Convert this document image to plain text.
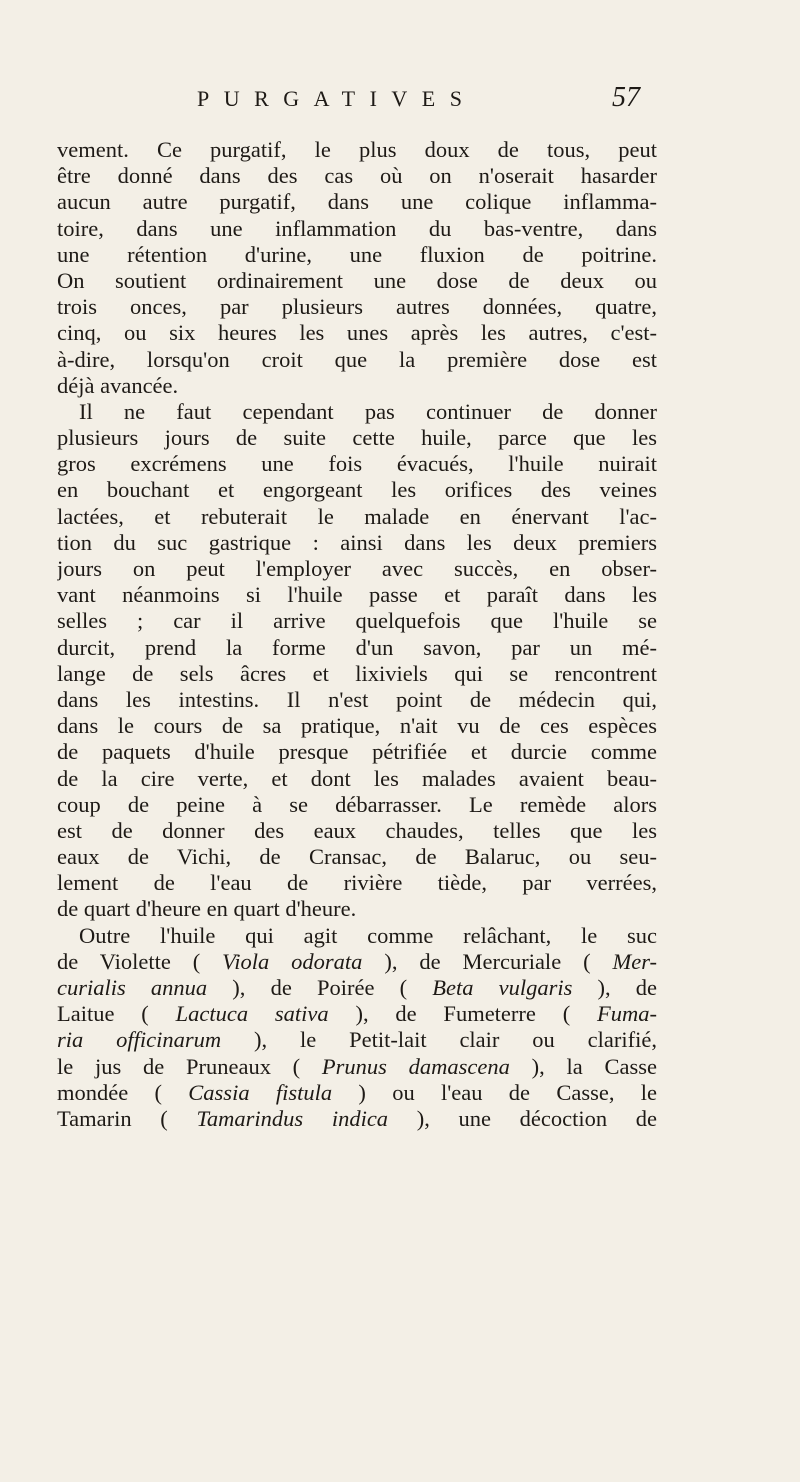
PURGATIVES	57
vement. Ce purgatif, le plus doux de tous, peut
être donné dans des cas où on n'oserait hasarder
aucun autre purgatif, dans une colique inflamma-
toire, dans une inflammation du bas-ventre, dans
une rétention d'urine, une fluxion de poitrine.
On soutient ordinairement une dose de deux ou
trois onces, par plusieurs autres données, quatre,
cinq, ou six heures les unes après les autres, c'est-
à-dire, lorsqu'on croit que la première dose est
déjà avancée.
Il ne faut cependant pas continuer de donner
plusieurs jours de suite cette huile, parce que les
gros excrémens une fois évacués, l'huile nuirait
en bouchant et engorgeant les orifices des veines
lactées, et rebuterait le malade en énervant l'ac-
tion du suc gastrique : ainsi dans les deux premiers
jours on peut l'employer avec succès, en obser-
vant néanmoins si l'huile passe et paraît dans les
selles ; car il arrive quelquefois que l'huile se
durcit, prend la forme d'un savon, par un mé-
lange de sels âcres et lixiviels qui se rencontrent
dans les intestins. Il n'est point de médecin qui,
dans le cours de sa pratique, n'ait vu de ces espèces
de paquets d'huile presque pétrifiée et durcie comme
de la cire verte, et dont les malades avaient beau-
coup de peine à se débarrasser. Le remède alors
est de donner des eaux chaudes, telles que les
eaux de Vichi, de Cransac, de Balaruc, ou seu-
lement de l'eau de rivière tiède, par verrées,
de quart d'heure en quart d'heure.
Outre l'huile qui agit comme relâchant, le suc
de Violette ( Viola odorata ), de Mercuriale ( Mer-
curialis annua ), de Poirée ( Beta vulgaris ), de
Laitue ( Lactuca sativa ), de Fumeterre ( Fuma-
ria officinarum ), le Petit-lait clair ou clarifié,
le jus de Pruneaux ( Prunus damascena ), la Casse
mondée ( Cassia fistula ) ou l'eau de Casse, le
Tamarin ( Tamarindus indica ), une décoction de
